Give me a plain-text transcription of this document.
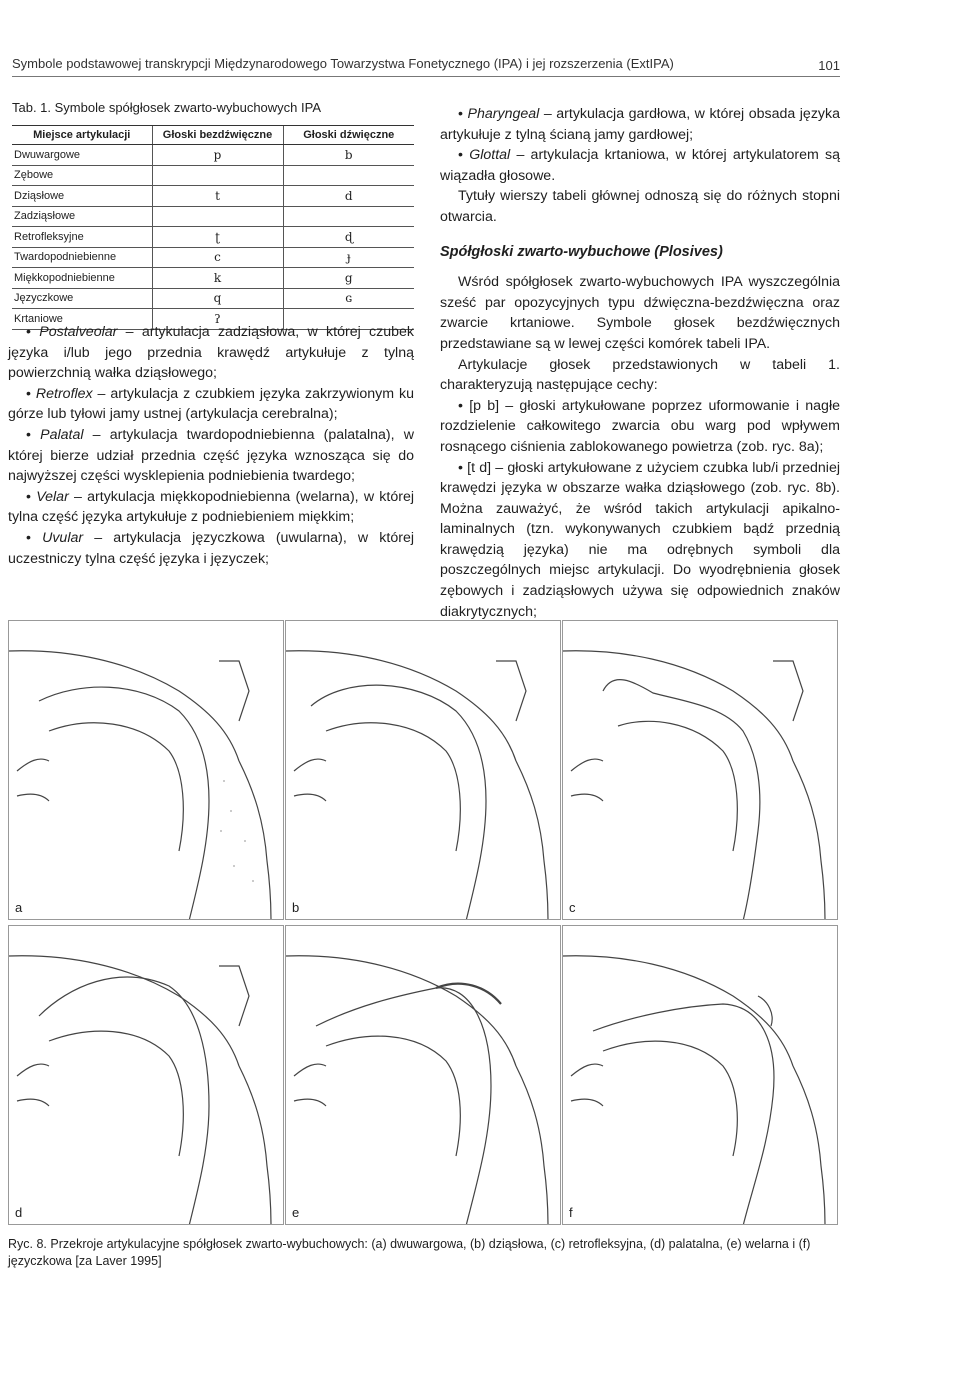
Symbole podstawowej transkrypcji Międzynarodowego Towarzystwa Fonetycznego (IPA) i jej rozszerzenia (ExtIPA)	101
Tab. 1. Symbole spółgłosek zwarto-wybuchowych IPA
Miejsce artykulacji	Głoski bezdźwięczne	Głoski dźwięczne
Dwuwargowe	p	b
Zębowe		
Dziąsłowe	t	d
Zadziąsłowe		
Retrofleksyjne	ʈ	ɖ
Twardopodniebienne	c	ɟ
Miękkopodniebienne	k	g
Języczkowe	q	ɢ
Krtaniowe	ʔ	

• Postalveolar – artykulacja zadziąsłowa, w której czubek języka i/lub jego przednia krawędź artykułuje z tylną powierzchnią wałka dziąsłowego;

• Retroflex – artykulacja z czubkiem języka zakrzywionym ku górze lub tyłowi jamy ustnej (artykulacja cerebralna);

• Palatal – artykulacja twardopodniebienna (palatalna), w której bierze udział przednia część języka wznosząca się do najwyższej części wysklepienia podniebienia twardego;

• Velar – artykulacja miękkopodniebienna (welarna), w której tylna część języka artykułuje z podniebieniem miękkim;

• Uvular – artykulacja języczkowa (uwularna), w której uczestniczy tylna część języka i języczek;

• Pharyngeal – artykulacja gardłowa, w której obsada języka artykułuje z tylną ścianą jamy gardłowej;

• Glottal – artykulacja krtaniowa, w której artykulatorem są wiązadła głosowe.

Tytuły wierszy tabeli głównej odnoszą się do różnych stopni otwarcia.

Spółgłoski zwarto-wybuchowe (Plosives)

Wśród spółgłosek zwarto-wybuchowych IPA wyszczególnia sześć par opozycyjnych typu dźwięczna-bezdźwięczna oraz zwarcie krtaniowe. Symbole głosek bezdźwięcznych przedstawiane są w lewej części komórek tabeli IPA.

Artykulacje głosek przedstawionych w tabeli 1. charakteryzują następujące cechy:

• [p b] – głoski artykułowane poprzez uformowanie i nagłe rozdzielenie całkowitego zwarcia obu warg pod wpływem rosnącego ciśnienia zablokowanego powietrza (zob. ryc. 8a);

• [t d] – głoski artykułowane z użyciem czubka lub/i przedniej krawędzi języka w obszarze wałka dziąsłowego (zob. ryc. 8b). Można zauważyć, że wśród takich artykulacji apikalno-laminalnych (tzn. wykonywanych czubkiem bądź przednią krawędzią języka) nie ma odrębnych symboli dla poszczególnych miejsc artykulacji. Do wyodrębnienia głosek zębowych i zadziąsłowych używa się odpowiednich znaków diakrytycznych;

a	b	c
d	e	f
Ryc. 8. Przekroje artykulacyjne spółgłosek zwarto-wybuchowych: (a) dwuwargowa, (b) dziąsłowa, (c) retrofleksyjna, (d) palatalna, (e) welarna i (f) języczkowa [za Laver 1995]
